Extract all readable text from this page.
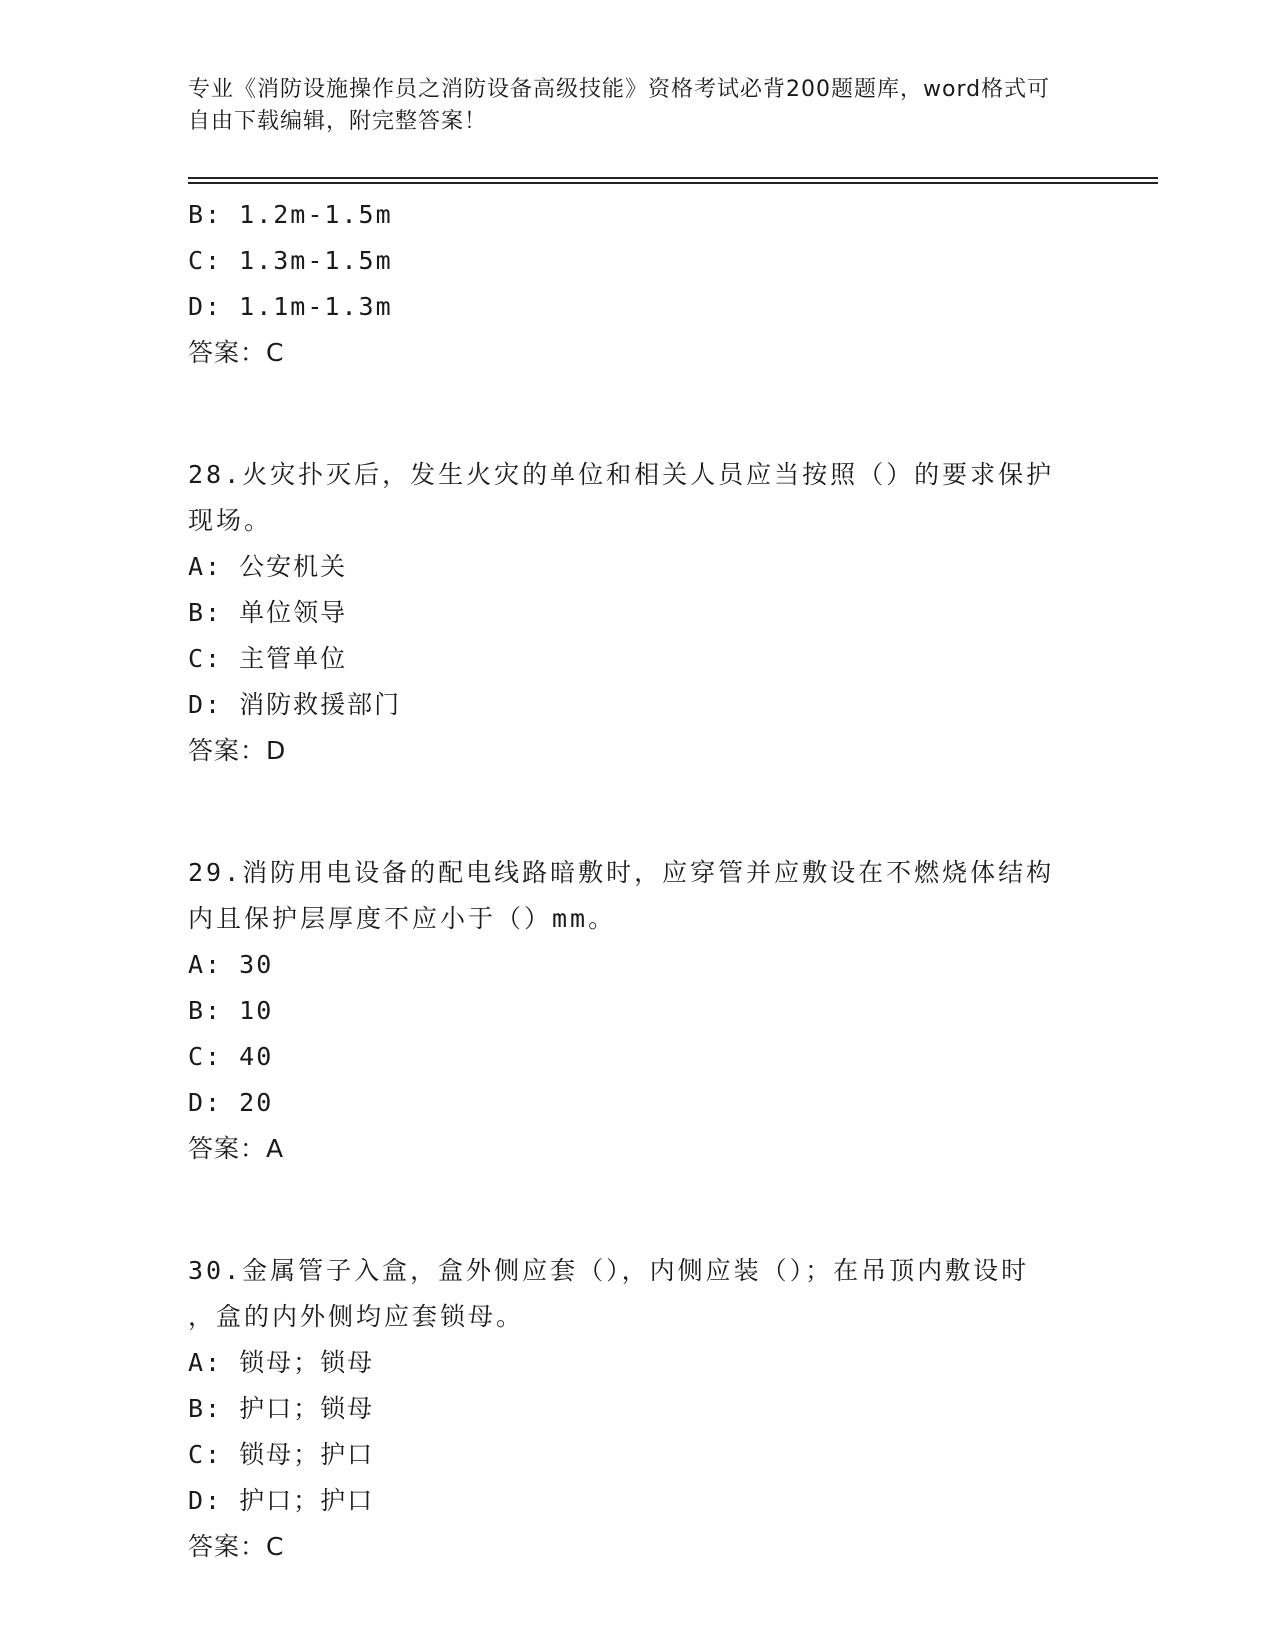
专业《消防设施操作员之消防设备高级技能》资格考试必背200题题库，word格式可自由下载编辑，附完整答案！
B: 1.2m-1.5m
C: 1.3m-1.5m
D: 1.1m-1.3m
答案：C
28.火灾扑灭后，发生火灾的单位和相关人员应当按照（）的要求保护
现场。
A: 公安机关
B: 单位领导
C: 主管单位
D: 消防救援部门
答案：D
29.消防用电设备的配电线路暗敷时，应穿管并应敷设在不燃烧体结构
内且保护层厚度不应小于（）mm。
A: 30
B: 10
C: 40
D: 20
答案：A
30.金属管子入盒，盒外侧应套（），内侧应装（）；在吊顶内敷设时
，盒的内外侧均应套锁母。
A: 锁母；锁母
B: 护口；锁母
C: 锁母；护口
D: 护口；护口
答案：C
